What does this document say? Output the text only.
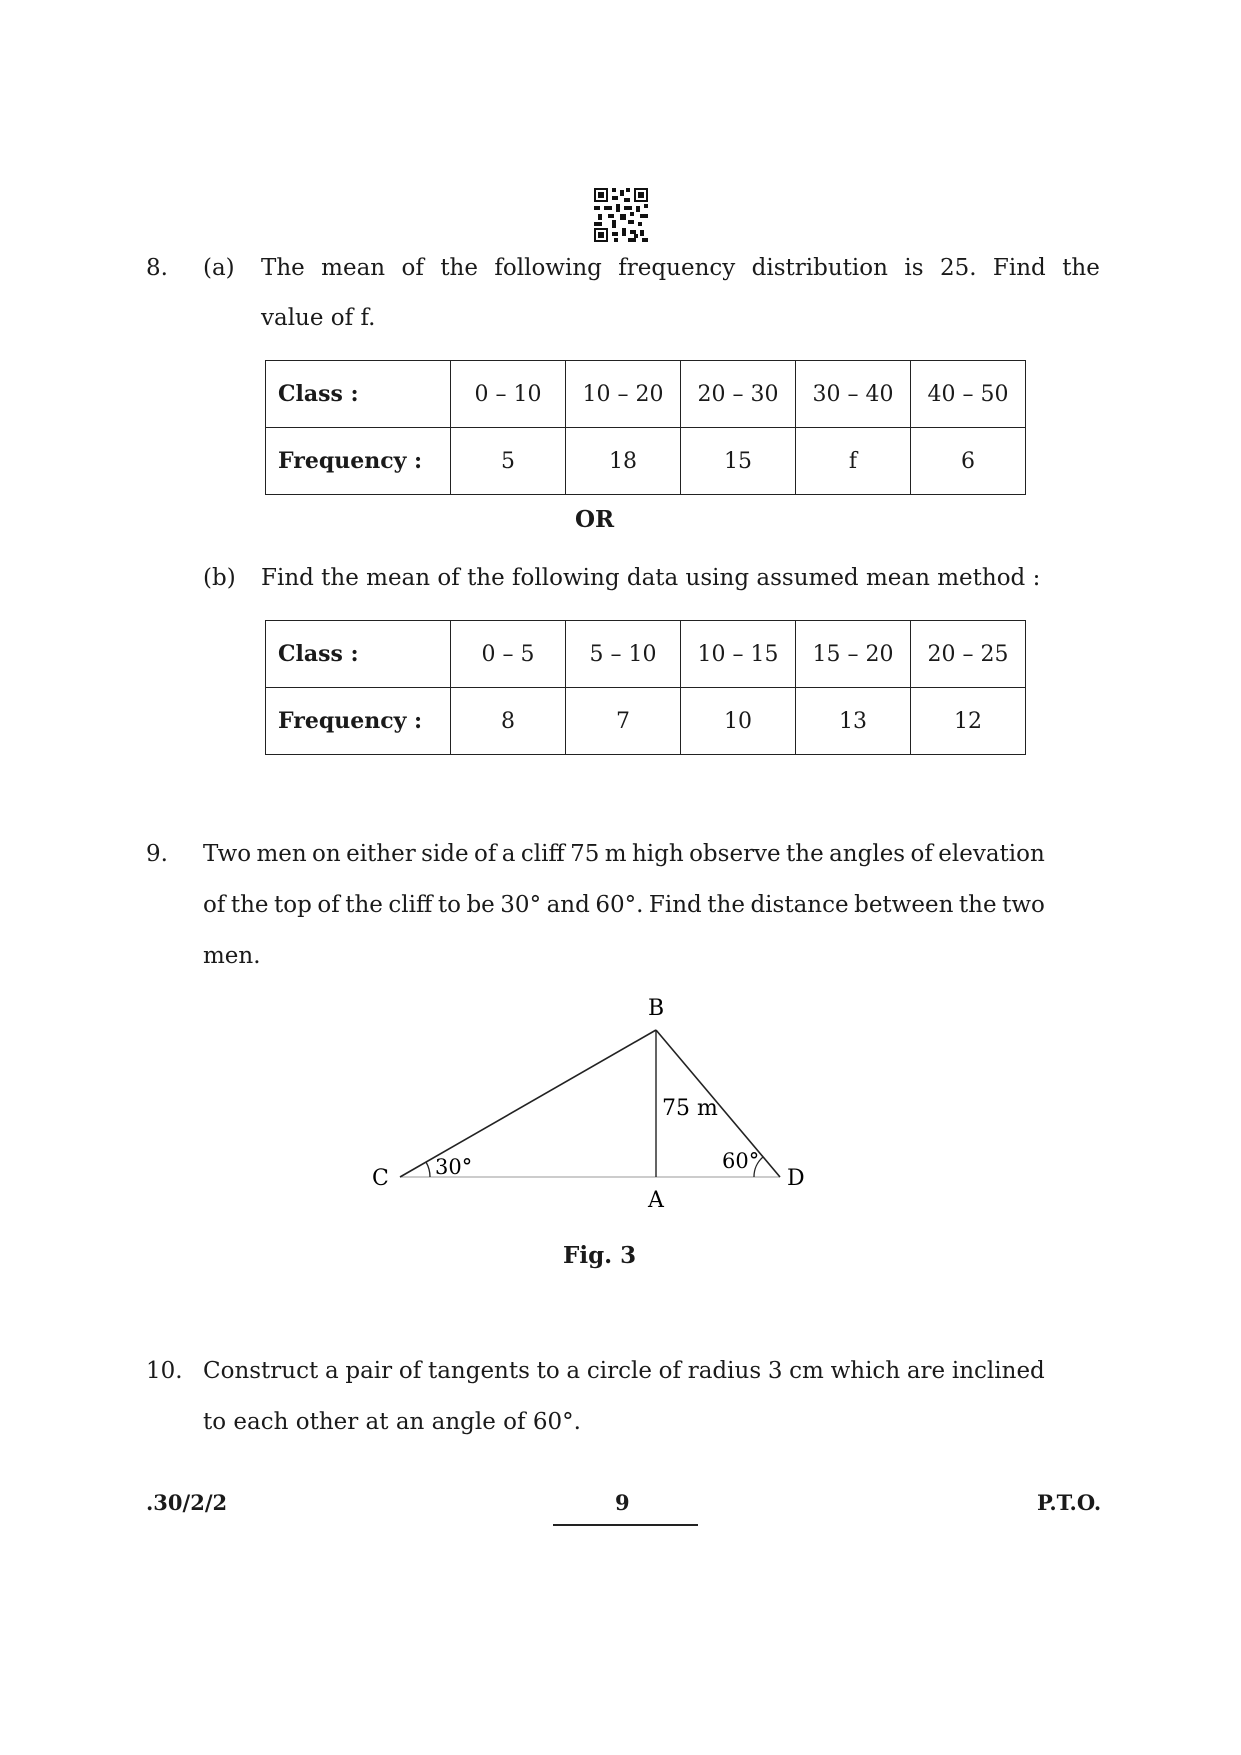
8. (a) The mean of the following frequency distribution is 25. Find the
value of f.
Class :	0 – 10	10 – 20	20 – 30	30 – 40	40 – 50
Frequency :	5	18	15	f	6
OR
(b) Find the mean of the following data using assumed mean method :
Class :	0 – 5	5 – 10	10 – 15	15 – 20	20 – 25
Frequency :	8	7	10	13	12
9. Two men on either side of a cliff 75 m high observe the angles of elevation
of the top of the cliff to be 30° and 60°. Find the distance between the two
men.
B
A
C	D
75 m
30°	60°
Fig. 3
10. Construct a pair of tangents to a circle of radius 3 cm which are inclined
to each other at an angle of 60°.
.30/2/2	9	P.T.O.
